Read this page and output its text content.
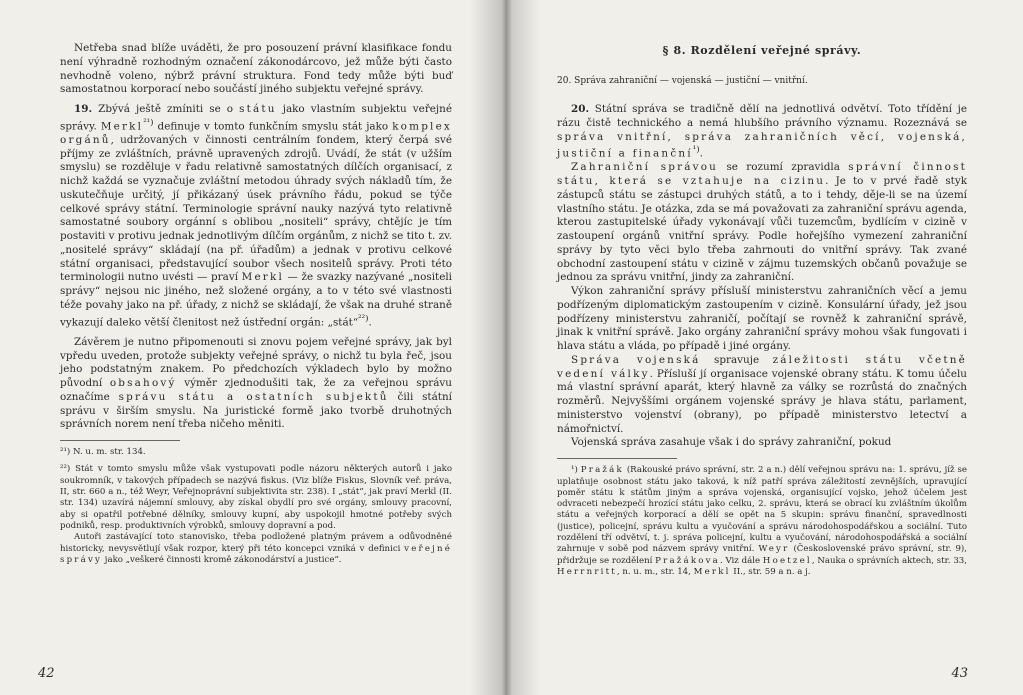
Netřeba snad blíže uváděti, že pro posouzení právní klasifikace fondu není výhradně rozhodným označení zákonodárcovo, jež může býti často nevhodně voleno, nýbrž právní struktura. Fond tedy může býti buď samostatnou korporací nebo součástí jiného subjektu veřejné správy.

19. Zbývá ještě zmíniti se o státu jako vlastním subjektu veřejné správy. Merkl$^{^{21})}$ definuje v tomto funkčním smyslu stát jako komplex orgánů, udržovaných v činnosti centrálním fondem, který čerpá své příjmy ze zvláštních, právně upravených zdrojů. Uvádí, že stát (v užším smyslu) se rozděluje v řadu relativně samostatných dílčích organisací, z nichž každá se vyznačuje zvláštní metodou úhrady svých nákladů tím, že uskutečňuje určitý, jí přikázaný úsek právního řádu, pokud se týče celkové správy státní. Terminologie správní nauky nazývá tyto relativně samostatné soubory orgánní s oblibou „nositeli“ správy, chtějíc je tím postaviti v protivu jednak jednotlivým dílčím orgánům, z nichž se tito t. zv. „nositelé správy“ skládají (na př. úřadům) a jednak v protivu celkové státní organisaci, představující soubor všech nositelů správy. Proti této terminologii nutno uvésti — praví Merkl — že svazky nazývané „nositeli správy“ nejsou nic jiného, než složené orgány, a to v této své vlastnosti téže povahy jako na př. úřady, z nichž se skládají, že však na druhé straně vykazují daleko větší členitost než ústřední orgán: „stát“$^{^{22})}$.

Závěrem je nutno připomenouti si znovu pojem veřejné správy, jak byl vpředu uveden, protože subjekty veřejné správy, o nichž tu byla řeč, jsou jeho podstatným znakem. Po předchozích výkladech bylo by možno původní obsahový výměr zjednodušiti tak, že za veřejnou správu označíme správu státu a ostatních subjektů čili státní správu v širším smyslu. Na juristické formě jako tvorbě druhotných správních norem není třeba ničeho měniti.

²¹) N. u. m. str. 134.

²²) Stát v tomto smyslu může však vystupovati podle názoru některých autorů i jako soukromník, v takových případech se nazývá fiskus. (Viz blíže Fiskus, Slovník veř. práva, II, str. 660 a n., též Weyr, Veřejnoprávní subjektivita str. 238). I „stát“, jak praví Merkl (II. str. 134) uzavírá nájemní smlouvy, aby získal obydlí pro své orgány, smlouvy pracovní, aby si opatřil potřebné dělníky, smlouvy kupní, aby uspokojil hmotné potřeby svých podniků, resp. produktivních výrobků, smlouvy dopravní a pod.

Autoři zastávající toto stanovisko, třeba podložené platným právem a odůvodněné historicky, nevysvětlují však rozpor, který při této koncepci vzniká v definici veřejné správy jako „veškeré činnosti kromě zákonodárství a justice“.

42
§ 8. Rozdělení veřejné správy.
20. Správa zahraniční — vojenská — justiční — vnitřní.

20. Státní správa se tradičně dělí na jednotlivá odvětví. Toto třídění je rázu čistě technického a nemá hlubšího právního významu. Rozeznává se správa vnitřní, správa zahraničních věcí, vojenská, justiční a finanční$^{^1)}$.

Zahraniční správou se rozumí zpravidla správní činnost státu, která se vztahuje na cizinu. Je to v prvé řadě styk zástupců státu se zástupci druhých států, a to i tehdy, děje-li se na území vlastního státu. Je otázka, zda se má považovati za zahraniční správu agenda, kterou zastupitelské úřady vykonávají vůči tuzemcům, bydlícím v cizině v zastoupení orgánů vnitřní správy. Podle hořejšího vymezení zahraniční správy by tyto věci bylo třeba zahrnouti do vnitřní správy. Tak zvané obchodní zastoupení státu v cizině v zájmu tuzemských občanů považuje se jednou za správu vnitřní, jindy za zahraniční.

Výkon zahraniční správy přísluší ministerstvu zahraničních věcí a jemu podřízeným diplomatickým zastoupením v cizině. Konsulární úřady, jež jsou podřízeny ministerstvu zahraničí, počítají se rovněž k zahraniční správě, jinak k vnitřní správě. Jako orgány zahraniční správy mohou však fungovati i hlava státu a vláda, po případě i jiné orgány.

Správa vojenská spravuje záležitosti státu včetně vedení války. Přísluší jí organisace vojenské obrany státu. K tomu účelu má vlastní správní aparát, který hlavně za války se rozrůstá do značných rozměrů. Nejvyššími orgánem vojenské správy je hlava státu, parlament, ministerstvo vojenství (obrany), po případě ministerstvo letectví a námořnictví.

Vojenská správa zasahuje však i do správy zahraniční, pokud

¹) Pražák (Rakouské právo správní, str. 2 a n.) dělí veřejnou správu na: 1. správu, jíž se uplatňuje osobnost státu jako taková, k níž patří správa záležitostí zevnějších, upravující poměr státu k státům jiným a správa vojenská, organisující vojsko, jehož účelem jest odvraceti nebezpečí hrozící státu jako celku, 2. správu, která se obrací ku zvláštním úkolům státu a veřejných korporací a dělí se opět na 5 skupin: správu finanční, spravedlnosti (justice), policejní, správu kultu a vyučování a správu národohospodářskou a sociální. Tuto rozdělení tří odvětví, t. j. správa policejní, kultu a vyučování, národohospodářská a sociální zahrnuje v sobě pod názvem správy vnitřní. Weyr (Československé právo správní, str. 9), přidržuje se rozdělení Pražákova. Viz dále Hoetzel, Nauka o správních aktech, str. 33, Herrnritt, n. u. m., str. 14, Merkl II., str. 59 a n. a j.

43
